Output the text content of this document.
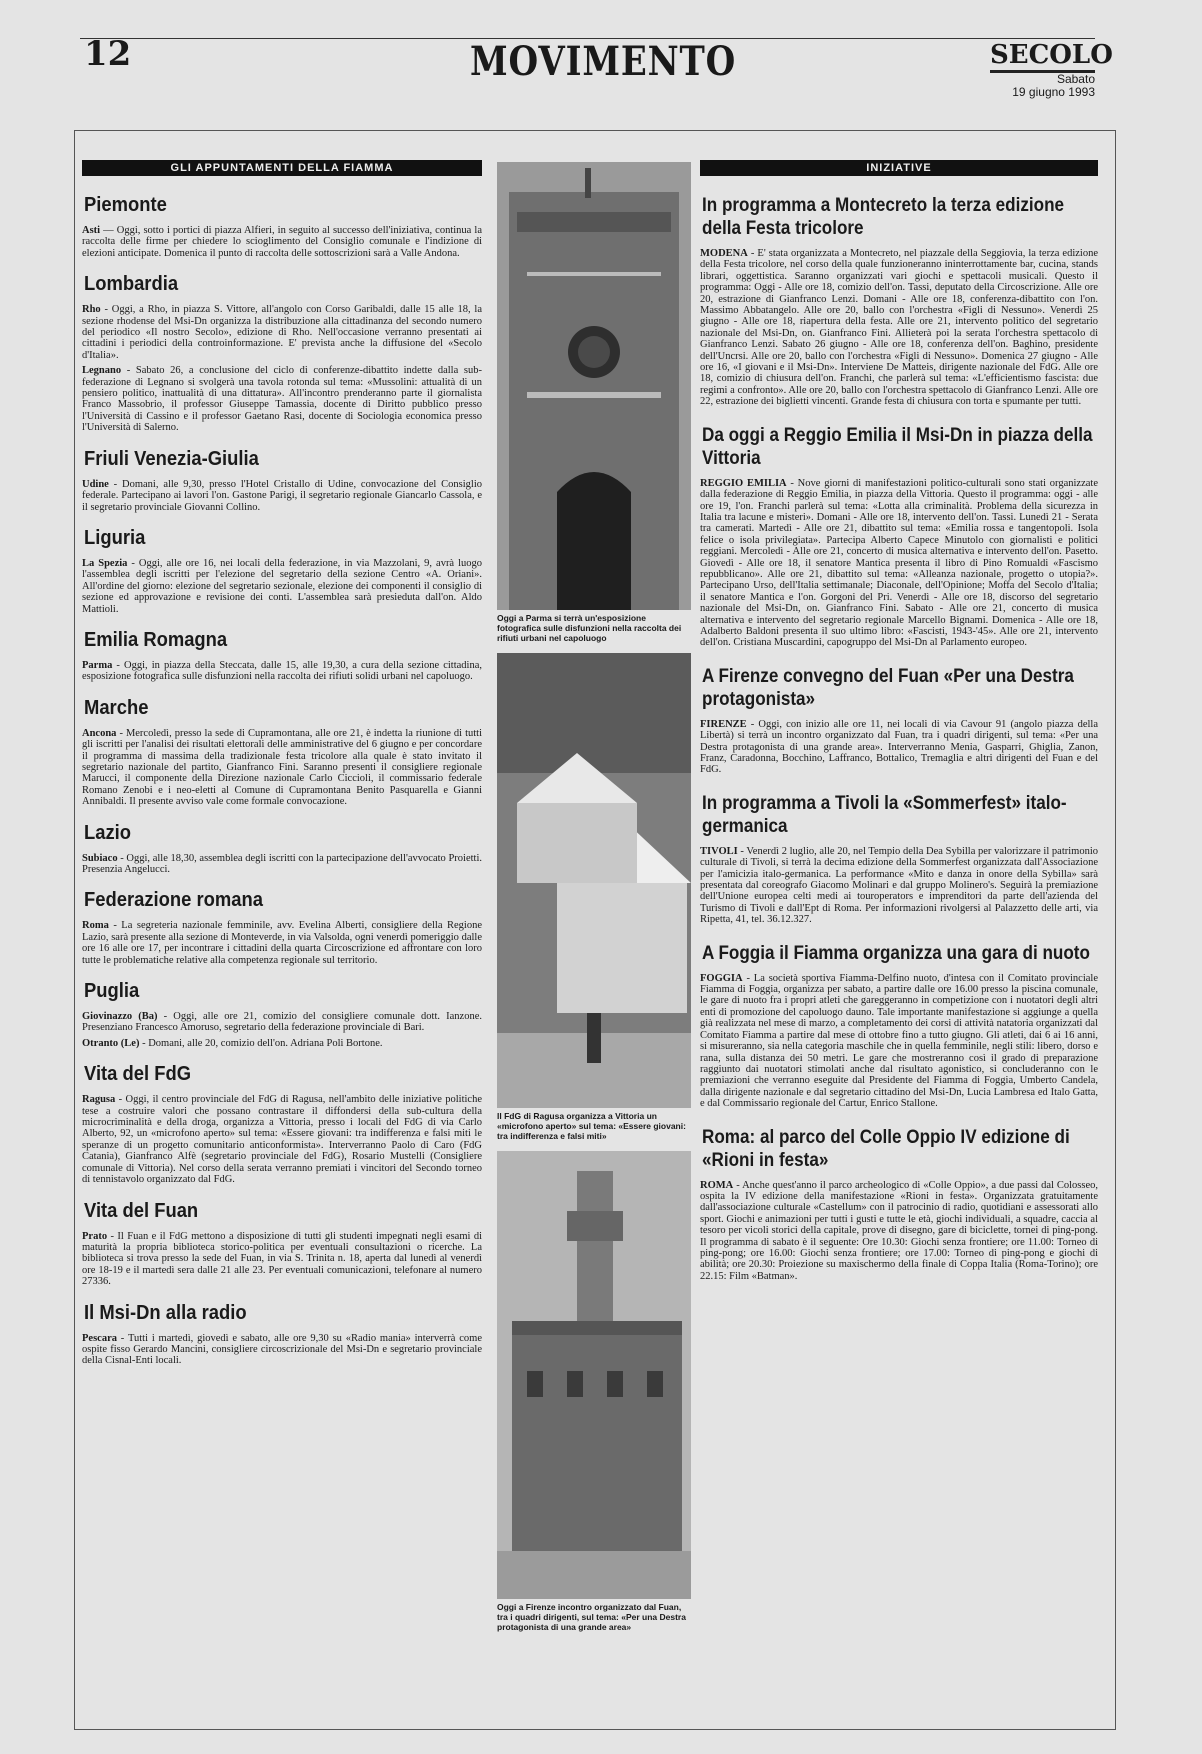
12	MOVIMENTO	SECOLO
Sabato
19 giugno 1993
GLI APPUNTAMENTI DELLA FIAMMA
Piemonte

Asti — Oggi, sotto i portici di piazza Alfieri, in seguito al successo dell'iniziativa, continua la raccolta delle firme per chiedere lo scioglimento del Consiglio comunale e l'indizione di elezioni anticipate. Domenica il punto di raccolta delle sottoscrizioni sarà a Valle Andona.

Lombardia

Rho - Oggi, a Rho, in piazza S. Vittore, all'angolo con Corso Garibaldi, dalle 15 alle 18, la sezione rhodense del Msi-Dn organizza la distribuzione alla cittadinanza del secondo numero del periodico «Il nostro Secolo», edizione di Rho. Nell'occasione verranno presentati ai cittadini i periodici della controinformazione. E' prevista anche la diffusione del «Secolo d'Italia».

Legnano - Sabato 26, a conclusione del ciclo di conferenze-dibattito indette dalla sub-federazione di Legnano si svolgerà una tavola rotonda sul tema: «Mussolini: attualità di un pensiero politico, inattualità di una dittatura». All'incontro prenderanno parte il giornalista Franco Massobrio, il professor Giuseppe Tamassia, docente di Diritto pubblico presso l'Università di Cassino e il professor Gaetano Rasi, docente di Sociologia economica presso l'Università di Salerno.

Friuli Venezia-Giulia

Udine - Domani, alle 9,30, presso l'Hotel Cristallo di Udine, convocazione del Consiglio federale. Partecipano ai lavori l'on. Gastone Parigi, il segretario regionale Giancarlo Cassola, e il segretario provinciale Giovanni Collino.

Liguria

La Spezia - Oggi, alle ore 16, nei locali della federazione, in via Mazzolani, 9, avrà luogo l'assemblea degli iscritti per l'elezione del segretario della sezione Centro «A. Oriani». All'ordine del giorno: elezione del segretario sezionale, elezione dei componenti il consiglio di sezione ed approvazione e revisione dei conti. L'assemblea sarà presieduta dall'on. Aldo Mattioli.

Emilia Romagna

Parma - Oggi, in piazza della Steccata, dalle 15, alle 19,30, a cura della sezione cittadina, esposizione fotografica sulle disfunzioni nella raccolta dei rifiuti solidi urbani nel capoluogo.

Marche

Ancona - Mercoledì, presso la sede di Cupramontana, alle ore 21, è indetta la riunione di tutti gli iscritti per l'analisi dei risultati elettorali delle amministrative del 6 giugno e per concordare il programma di massima della tradizionale festa tricolore alla quale è stato invitato il segretario nazionale del partito, Gianfranco Fini. Saranno presenti il consigliere regionale Marucci, il componente della Direzione nazionale Carlo Ciccioli, il commissario federale Romano Zenobi e i neo-eletti al Comune di Cupramontana Benito Pasquarella e Gianni Annibaldi. Il presente avviso vale come formale convocazione.

Lazio

Subiaco - Oggi, alle 18,30, assemblea degli iscritti con la partecipazione dell'avvocato Proietti. Presenzia Angelucci.

Federazione romana

Roma - La segreteria nazionale femminile, avv. Evelina Alberti, consigliere della Regione Lazio, sarà presente alla sezione di Monteverde, in via Valsolda, ogni venerdì pomeriggio dalle ore 16 alle ore 17, per incontrare i cittadini della quarta Circoscrizione ed affrontare con loro tutte le problematiche relative alla competenza regionale sul territorio.

Puglia

Giovinazzo (Ba) - Oggi, alle ore 21, comizio del consigliere comunale dott. Ianzone. Presenziano Francesco Amoruso, segretario della federazione provinciale di Bari.

Otranto (Le) - Domani, alle 20, comizio dell'on. Adriana Poli Bortone.

Vita del FdG

Ragusa - Oggi, il centro provinciale del FdG di Ragusa, nell'ambito delle iniziative politiche tese a costruire valori che possano contrastare il diffondersi della sub-cultura della microcriminalità e della droga, organizza a Vittoria, presso i locali del FdG di via Carlo Alberto, 92, un «microfono aperto» sul tema: «Essere giovani: tra indifferenza e falsi miti le speranze di un progetto comunitario anticonformista». Interverranno Paolo di Caro (FdG Catania), Gianfranco Alfè (segretario provinciale del FdG), Rosario Mustelli (Consigliere comunale di Vittoria). Nel corso della serata verranno premiati i vincitori del Secondo torneo di tennistavolo organizzato dal FdG.

Vita del Fuan

Prato - Il Fuan e il FdG mettono a disposizione di tutti gli studenti impegnati negli esami di maturità la propria biblioteca storico-politica per eventuali consultazioni o ricerche. La biblioteca si trova presso la sede del Fuan, in via S. Trinita n. 18, aperta dal lunedì al venerdì ore 18-19 e il martedì sera dalle 21 alle 23. Per eventuali comunicazioni, telefonare al numero 27336.

Il Msi-Dn alla radio

Pescara - Tutti i martedì, giovedì e sabato, alle ore 9,30 su «Radio mania» interverrà come ospite fisso Gerardo Mancini, consigliere circoscrizionale del Msi-Dn e segretario provinciale della Cisnal-Enti locali.

Oggi a Parma si terrà un'esposizione fotografica sulle disfunzioni nella raccolta dei rifiuti urbani nel capoluogo
Il FdG di Ragusa organizza a Vittoria un «microfono aperto» sul tema: «Essere giovani: tra indifferenza e falsi miti»
Oggi a Firenze incontro organizzato dal Fuan, tra i quadri dirigenti, sul tema: «Per una Destra protagonista di una grande area»
INIZIATIVE
In programma a Montecreto la terza edizione della Festa tricolore

MODENA - E' stata organizzata a Montecreto, nel piazzale della Seggiovia, la terza edizione della Festa tricolore, nel corso della quale funzioneranno ininterrottamente bar, cucina, stands librari, oggettistica. Saranno organizzati vari giochi e spettacoli musicali. Questo il programma: Oggi - Alle ore 18, comizio dell'on. Tassi, deputato della Circoscrizione. Alle ore 20, estrazione di Gianfranco Lenzi. Domani - Alle ore 18, conferenza-dibattito con l'on. Massimo Abbatangelo. Alle ore 20, ballo con l'orchestra «Figli di Nessuno». Venerdì 25 giugno - Alle ore 18, riapertura della festa. Alle ore 21, intervento politico del segretario nazionale del Msi-Dn, on. Gianfranco Fini. Allieterà poi la serata l'orchestra spettacolo di Gianfranco Lenzi. Sabato 26 giugno - Alle ore 18, conferenza dell'on. Baghino, presidente dell'Uncrsi. Alle ore 20, ballo con l'orchestra «Figli di Nessuno». Domenica 27 giugno - Alle ore 16, «I giovani e il Msi-Dn». Interviene De Matteis, dirigente nazionale del FdG. Alle ore 18, comizio di chiusura dell'on. Franchi, che parlerà sul tema: «L'efficientismo fascista: due regimi a confronto». Alle ore 20, ballo con l'orchestra spettacolo di Gianfranco Lenzi. Alle ore 22, estrazione dei biglietti vincenti. Grande festa di chiusura con torta e spumante per tutti.

Da oggi a Reggio Emilia il Msi-Dn in piazza della Vittoria

REGGIO EMILIA - Nove giorni di manifestazioni politico-culturali sono stati organizzate dalla federazione di Reggio Emilia, in piazza della Vittoria. Questo il programma: oggi - alle ore 19, l'on. Franchi parlerà sul tema: «Lotta alla criminalità. Problema della sicurezza in Italia tra lacune e misteri». Domani - Alle ore 18, intervento dell'on. Tassi. Lunedì 21 - Serata tra camerati. Martedì - Alle ore 21, dibattito sul tema: «Emilia rossa e tangentopoli. Isola felice o isola privilegiata». Partecipa Alberto Capece Minutolo con giornalisti e politici reggiani. Mercoledì - Alle ore 21, concerto di musica alternativa e intervento dell'on. Pasetto. Giovedì - Alle ore 18, il senatore Mantica presenta il libro di Pino Romualdi «Fascismo repubblicano». Alle ore 21, dibattito sul tema: «Alleanza nazionale, progetto o utopia?». Partecipano Urso, dell'Italia settimanale; Diaconale, dell'Opinione; Moffa del Secolo d'Italia; il senatore Mantica e l'on. Gorgoni del Pri. Venerdì - Alle ore 18, discorso del segretario nazionale del Msi-Dn, on. Gianfranco Fini. Sabato - Alle ore 21, concerto di musica alternativa e intervento del segretario regionale Marcello Bignami. Domenica - Alle ore 18, Adalberto Baldoni presenta il suo ultimo libro: «Fascisti, 1943-'45». Alle ore 21, intervento dell'on. Cristiana Muscardini, capogruppo del Msi-Dn al Parlamento europeo.

A Firenze convegno del Fuan «Per una Destra protagonista»

FIRENZE - Oggi, con inizio alle ore 11, nei locali di via Cavour 91 (angolo piazza della Libertà) si terrà un incontro organizzato dal Fuan, tra i quadri dirigenti, sul tema: «Per una Destra protagonista di una grande area». Interverranno Menia, Gasparri, Ghiglia, Zanon, Franz, Caradonna, Bocchino, Laffranco, Bottalico, Tremaglia e altri dirigenti del Fuan e del FdG.

In programma a Tivoli la «Sommerfest» italo-germanica

TIVOLI - Venerdì 2 luglio, alle 20, nel Tempio della Dea Sybilla per valorizzare il patrimonio culturale di Tivoli, si terrà la decima edizione della Sommerfest organizzata dall'Associazione per l'amicizia italo-germanica. La performance «Mito e danza in onore della Sybilla» sarà presentata dal coreografo Giacomo Molinari e dal gruppo Molinero's. Seguirà la premiazione dell'Unione europea celti medi ai touroperators e imprenditori da parte dell'azienda del Turismo di Tivoli e dall'Ept di Roma. Per informazioni rivolgersi al Palazzetto delle arti, via Ripetta, 41, tel. 36.12.327.

A Foggia il Fiamma organizza una gara di nuoto

FOGGIA - La società sportiva Fiamma-Delfino nuoto, d'intesa con il Comitato provinciale Fiamma di Foggia, organizza per sabato, a partire dalle ore 16.00 presso la piscina comunale, le gare di nuoto fra i propri atleti che gareggeranno in competizione con i nuotatori degli altri enti di promozione del capoluogo dauno. Tale importante manifestazione si aggiunge a quella già realizzata nel mese di marzo, a completamento dei corsi di attività natatoria organizzati dal Comitato Fiamma a partire dal mese di ottobre fino a tutto giugno. Gli atleti, dai 6 ai 16 anni, si misureranno, sia nella categoria maschile che in quella femminile, negli stili: libero, dorso e rana, sulla distanza dei 50 metri. Le gare che mostreranno così il grado di preparazione raggiunto dai nuotatori stimolati anche dal risultato agonistico, si concluderanno con le premiazioni che verranno eseguite dal Presidente del Fiamma di Foggia, Umberto Candela, dalla dirigente nazionale e dal segretario cittadino del Msi-Dn, Lucia Lambresa ed Italo Gatta, e dal Commissario regionale del Cartur, Enrico Stallone.

Roma: al parco del Colle Oppio IV edizione di «Rioni in festa»

ROMA - Anche quest'anno il parco archeologico di «Colle Oppio», a due passi dal Colosseo, ospita la IV edizione della manifestazione «Rioni in festa». Organizzata gratuitamente dall'associazione culturale «Castellum» con il patrocinio di radio, quotidiani e assessorati allo sport. Giochi e animazioni per tutti i gusti e tutte le età, giochi individuali, a squadre, caccia al tesoro per vicoli storici della capitale, prove di disegno, gare di biciclette, tornei di ping-pong. Il programma di sabato è il seguente: Ore 10.30: Giochi senza frontiere; ore 11.00: Torneo di ping-pong; ore 16.00: Giochi senza frontiere; ore 17.00: Torneo di ping-pong e giochi di abilità; ore 20.30: Proiezione su maxischermo della finale di Coppa Italia (Roma-Torino); ore 22.15: Film «Batman».
